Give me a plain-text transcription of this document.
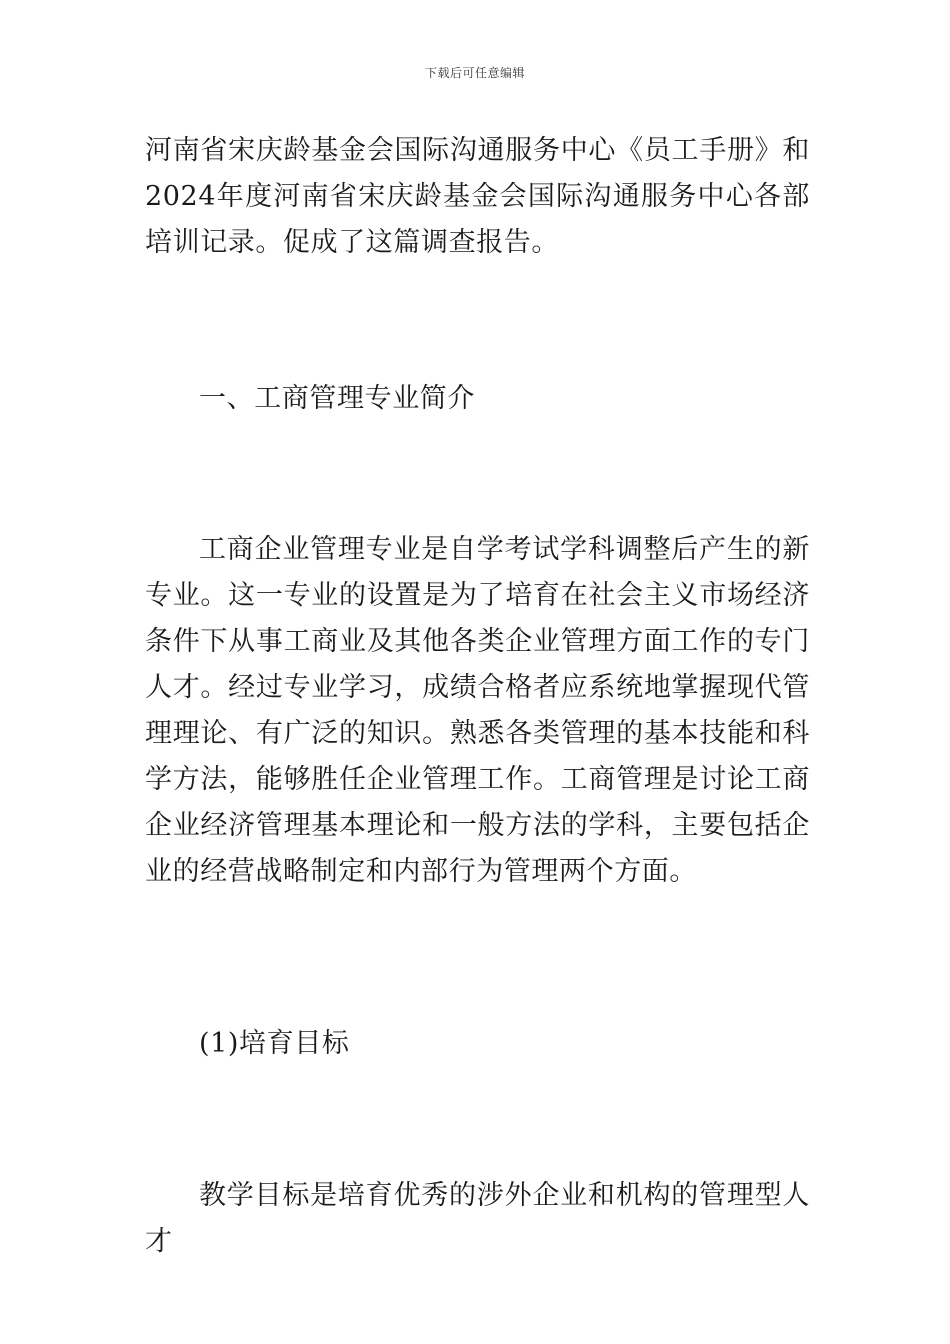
下载后可任意编辑

河南省宋庆龄基金会国际沟通服务中心《员工手册》和2024年度河南省宋庆龄基金会国际沟通服务中心各部培训记录。促成了这篇调查报告。

一、工商管理专业简介

工商企业管理专业是自学考试学科调整后产生的新专业。这一专业的设置是为了培育在社会主义市场经济条件下从事工商业及其他各类企业管理方面工作的专门人才。经过专业学习，成绩合格者应系统地掌握现代管理理论、有广泛的知识。熟悉各类管理的基本技能和科学方法，能够胜任企业管理工作。工商管理是讨论工商企业经济管理基本理论和一般方法的学科，主要包括企业的经营战略制定和内部行为管理两个方面。

(1)培育目标

教学目标是培育优秀的涉外企业和机构的管理型人才
